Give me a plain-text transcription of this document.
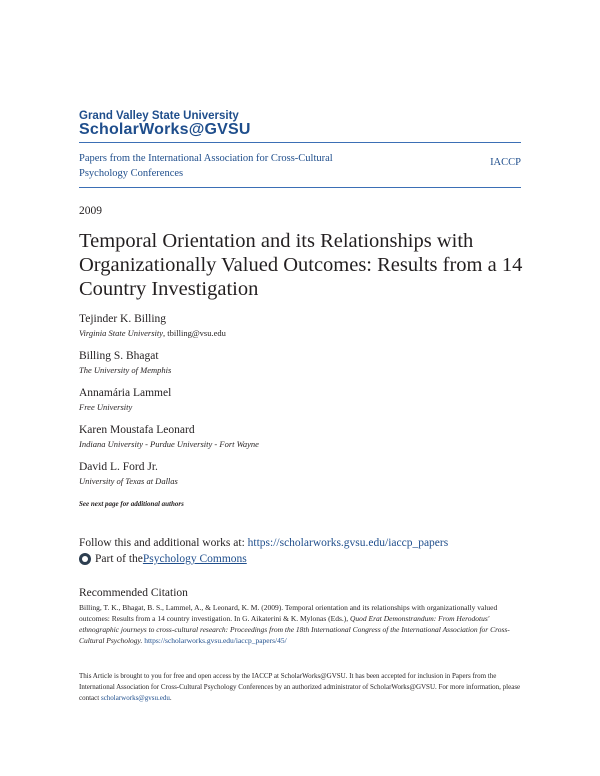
Grand Valley State University
ScholarWorks@GVSU
Papers from the International Association for Cross-Cultural Psychology Conferences
IACCP
2009
Temporal Orientation and its Relationships with Organizationally Valued Outcomes: Results from a 14 Country Investigation
Tejinder K. Billing
Virginia State University, tbilling@vsu.edu
Billing S. Bhagat
The University of Memphis
Annamária Lammel
Free University
Karen Moustafa Leonard
Indiana University - Purdue University - Fort Wayne
David L. Ford Jr.
University of Texas at Dallas
See next page for additional authors
Follow this and additional works at: https://scholarworks.gvsu.edu/iaccp_papers
Part of the Psychology Commons
Recommended Citation
Billing, T. K., Bhagat, B. S., Lammel, A., & Leonard, K. M. (2009). Temporal orientation and its relationships with organizationally valued outcomes: Results from a 14 country investigation. In G. Aikaterini & K. Mylonas (Eds.), Quod Erat Demonstrandum: From Herodotus' ethnographic journeys to cross-cultural research: Proceedings from the 18th International Congress of the International Association for Cross-Cultural Psychology. https://scholarworks.gvsu.edu/iaccp_papers/45/
This Article is brought to you for free and open access by the IACCP at ScholarWorks@GVSU. It has been accepted for inclusion in Papers from the International Association for Cross-Cultural Psychology Conferences by an authorized administrator of ScholarWorks@GVSU. For more information, please contact scholarworks@gvsu.edu.
